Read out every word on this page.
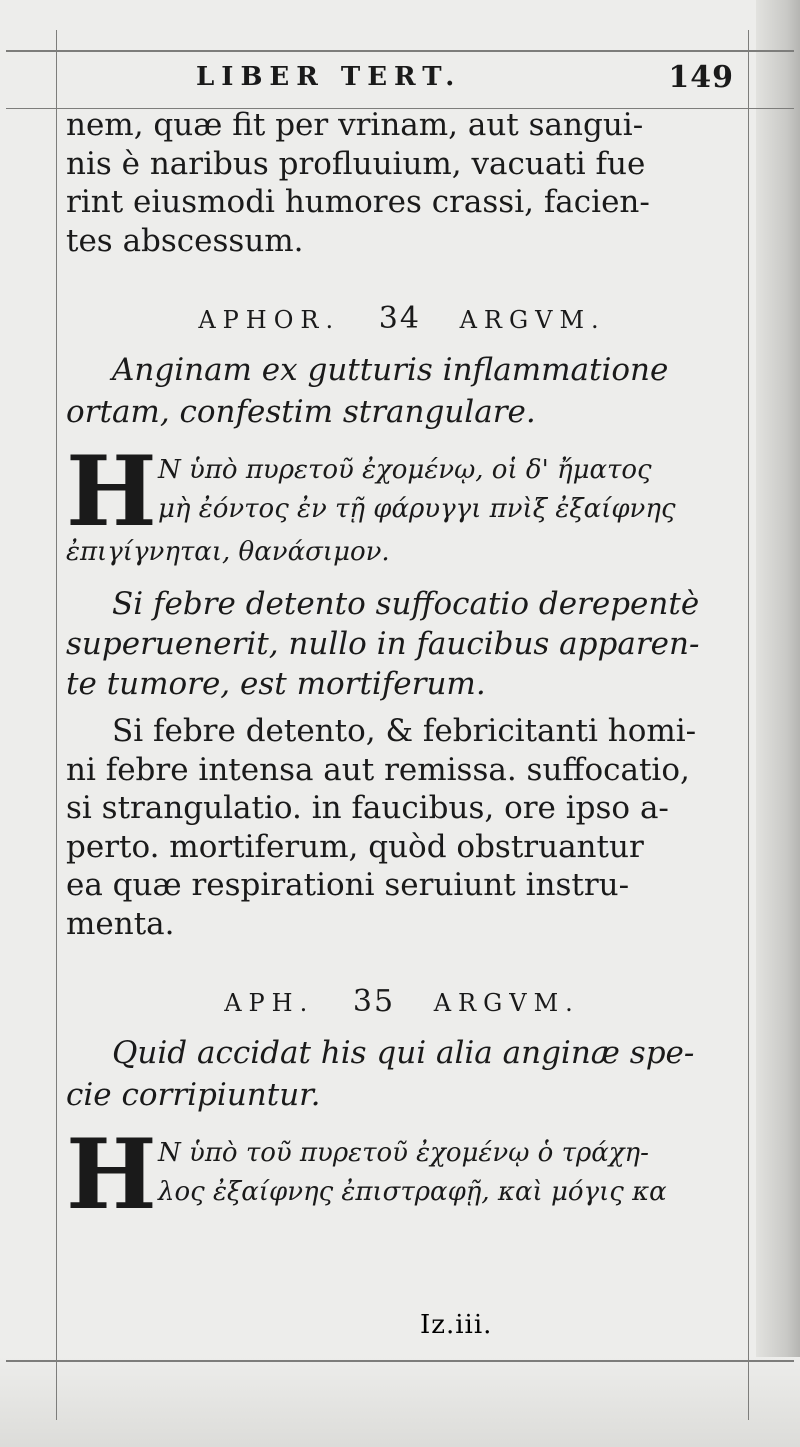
LIBER TERT.	149

nem, quæ fit per vrinam, aut sangui-

nis è naribus profluuium, vacuati fue

rint eiusmodi humores crassi, facien-

tes abscessum.

APHOR. 34 ARGVM.

Anginam ex gutturis inflammatione ortam, confestim strangulare.

H N ὑπὸ πυρετοῦ ἐχομένῳ, οἱ δ' ἤματος

μὴ ἐόντος ἐν τῇ φάρυγγι πνὶξ ἐξαίφνης

ἐπιγίγνηται, θανάσιμον.

Si febre detento suffocatio derepentè
superuenerit, nullo in faucibus apparen-
te tumore, est mortiferum.
Si febre detento, & febricitanti homi-
ni febre intensa aut remissa. suffocatio,
si strangulatio. in faucibus, ore ipso a-
perto. mortiferum, quòd obstruantur
ea quæ respirationi seruiunt instru-
menta.
APH. 35 ARGVM.

Quid accidat his qui alia anginæ spe- cie corripiuntur.

H N ὑπὸ τοῦ πυρετοῦ ἐχομένῳ ὁ τράχη-

λος ἐξαίφνης ἐπιστραφῇ, καὶ μόγις κα

Iz.iii.
